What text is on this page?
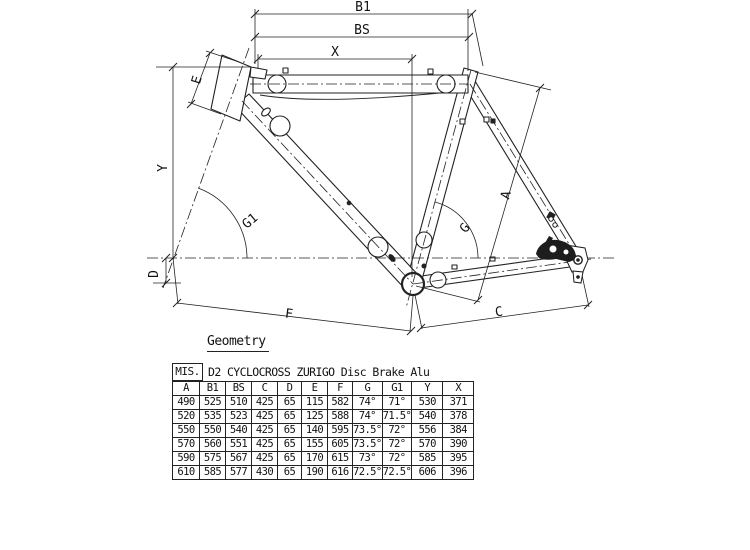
B1
BS
X
Y
E
G1
D
F	C
A
G
Geometry
MIS. D2 CYCLOCROSS ZURIGO Disc Brake Alu
A	B1	BS	C	D	E	F	G	G1	Y	X
490	525	510	425	65	115	582	74°	71°	530	371
520	535	523	425	65	125	588	74°	71.5°	540	378
550	550	540	425	65	140	595	73.5°	72°	556	384
570	560	551	425	65	155	605	73.5°	72°	570	390
590	575	567	425	65	170	615	73°	72°	585	395
610	585	577	430	65	190	616	72.5°	72.5°	606	396
